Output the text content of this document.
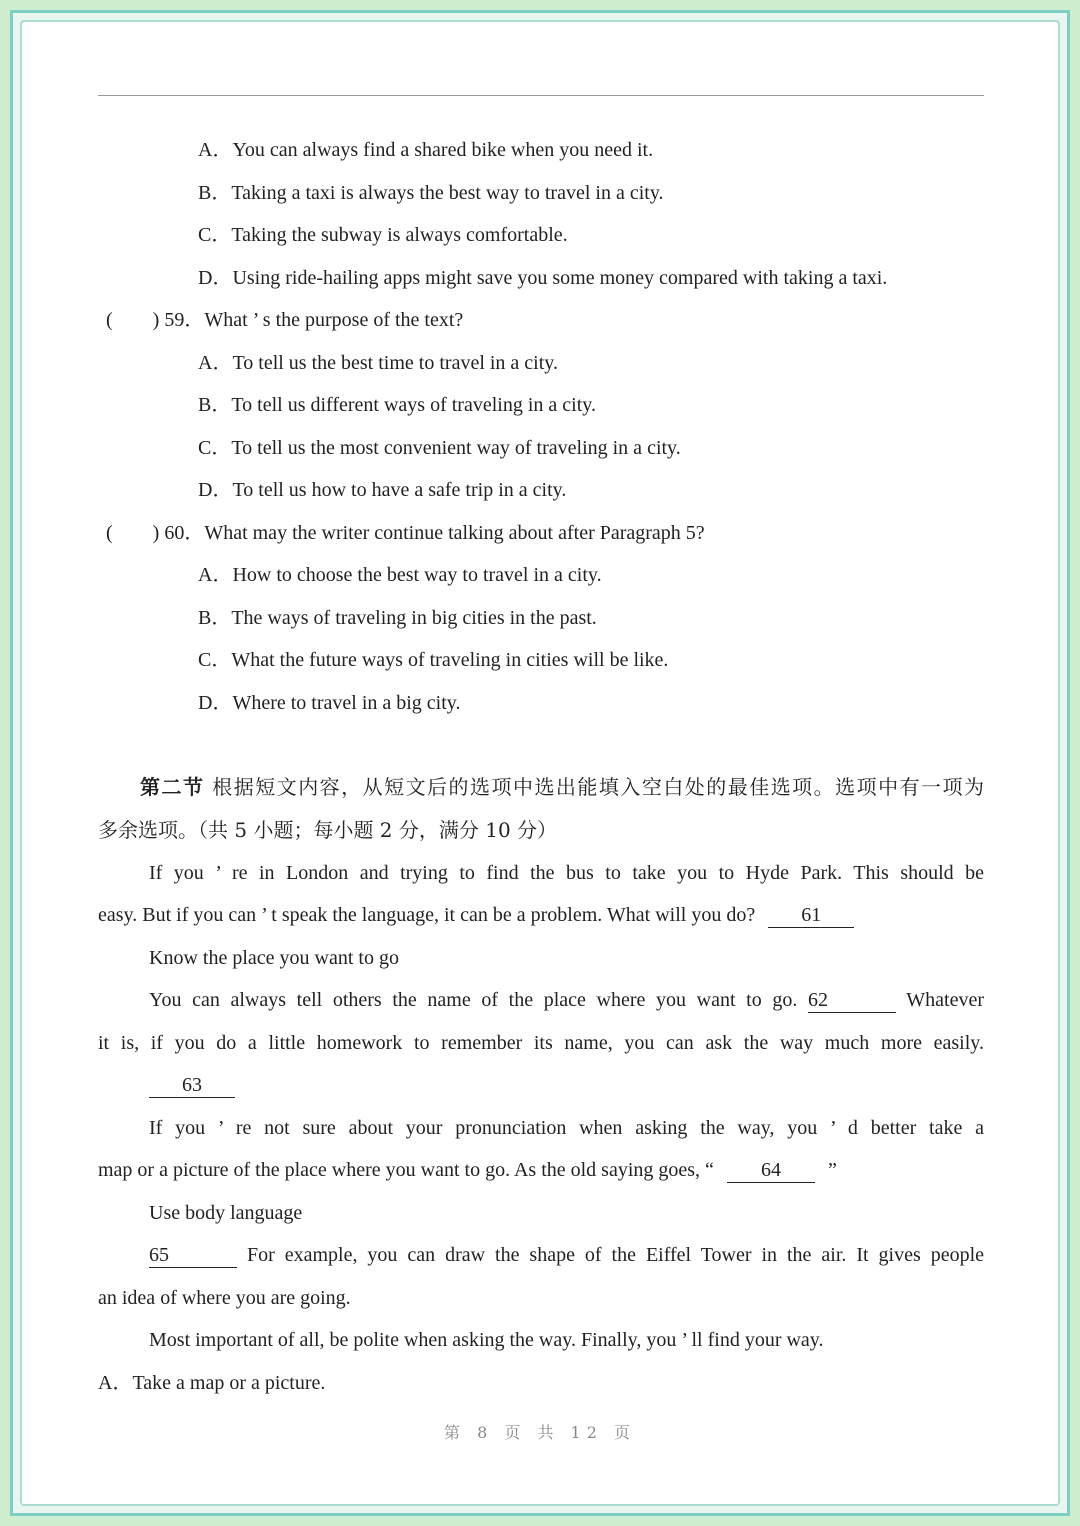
A．You can always find a shared bike when you need it.
B．Taking a taxi is always the best way to travel in a city.
C．Taking the subway is always comfortable.
D．Using ride-hailing apps might save you some money compared with taking a taxi.
(　　) 59．What ’ s the purpose of the text?
A．To tell us the best time to travel in a city.
B．To tell us different ways of traveling in a city.
C．To tell us the most convenient way of traveling in a city.
D．To tell us how to have a safe trip in a city.
(　　) 60．What may the writer continue talking about after Paragraph 5?
A．How to choose the best way to travel in a city.
B．The ways of traveling in big cities in the past.
C．What the future ways of traveling in cities will be like.
D．Where to travel in a big city.
第二节 根据短文内容，从短文后的选项中选出能填入空白处的最佳选项。选项中有一项为
多余选项。（共 5 小题；每小题 2 分，满分 10 分）
If you ’ re in London and trying to find the bus to take you to Hyde Park. This should be
easy. But if you can ’ t speak the language, it can be a problem. What will you do? 61
Know the place you want to go
You can always tell others the name of the place where you want to go. 62	Whatever
it is, if you do a little homework to remember its name, you can ask the way much more easily.
63
If you ’ re not sure about your pronunciation when asking the way, you ’ d better take a
map or a picture of the place where you want to go. As the old saying goes, “ 64 ”
Use body language
65	For example, you can draw the shape of the Eiffel Tower in the air. It gives people
an idea of where you are going.
Most important of all, be polite when asking the way. Finally, you ’ ll find your way.
A．Take a map or a picture.
第 8 页 共 12 页
